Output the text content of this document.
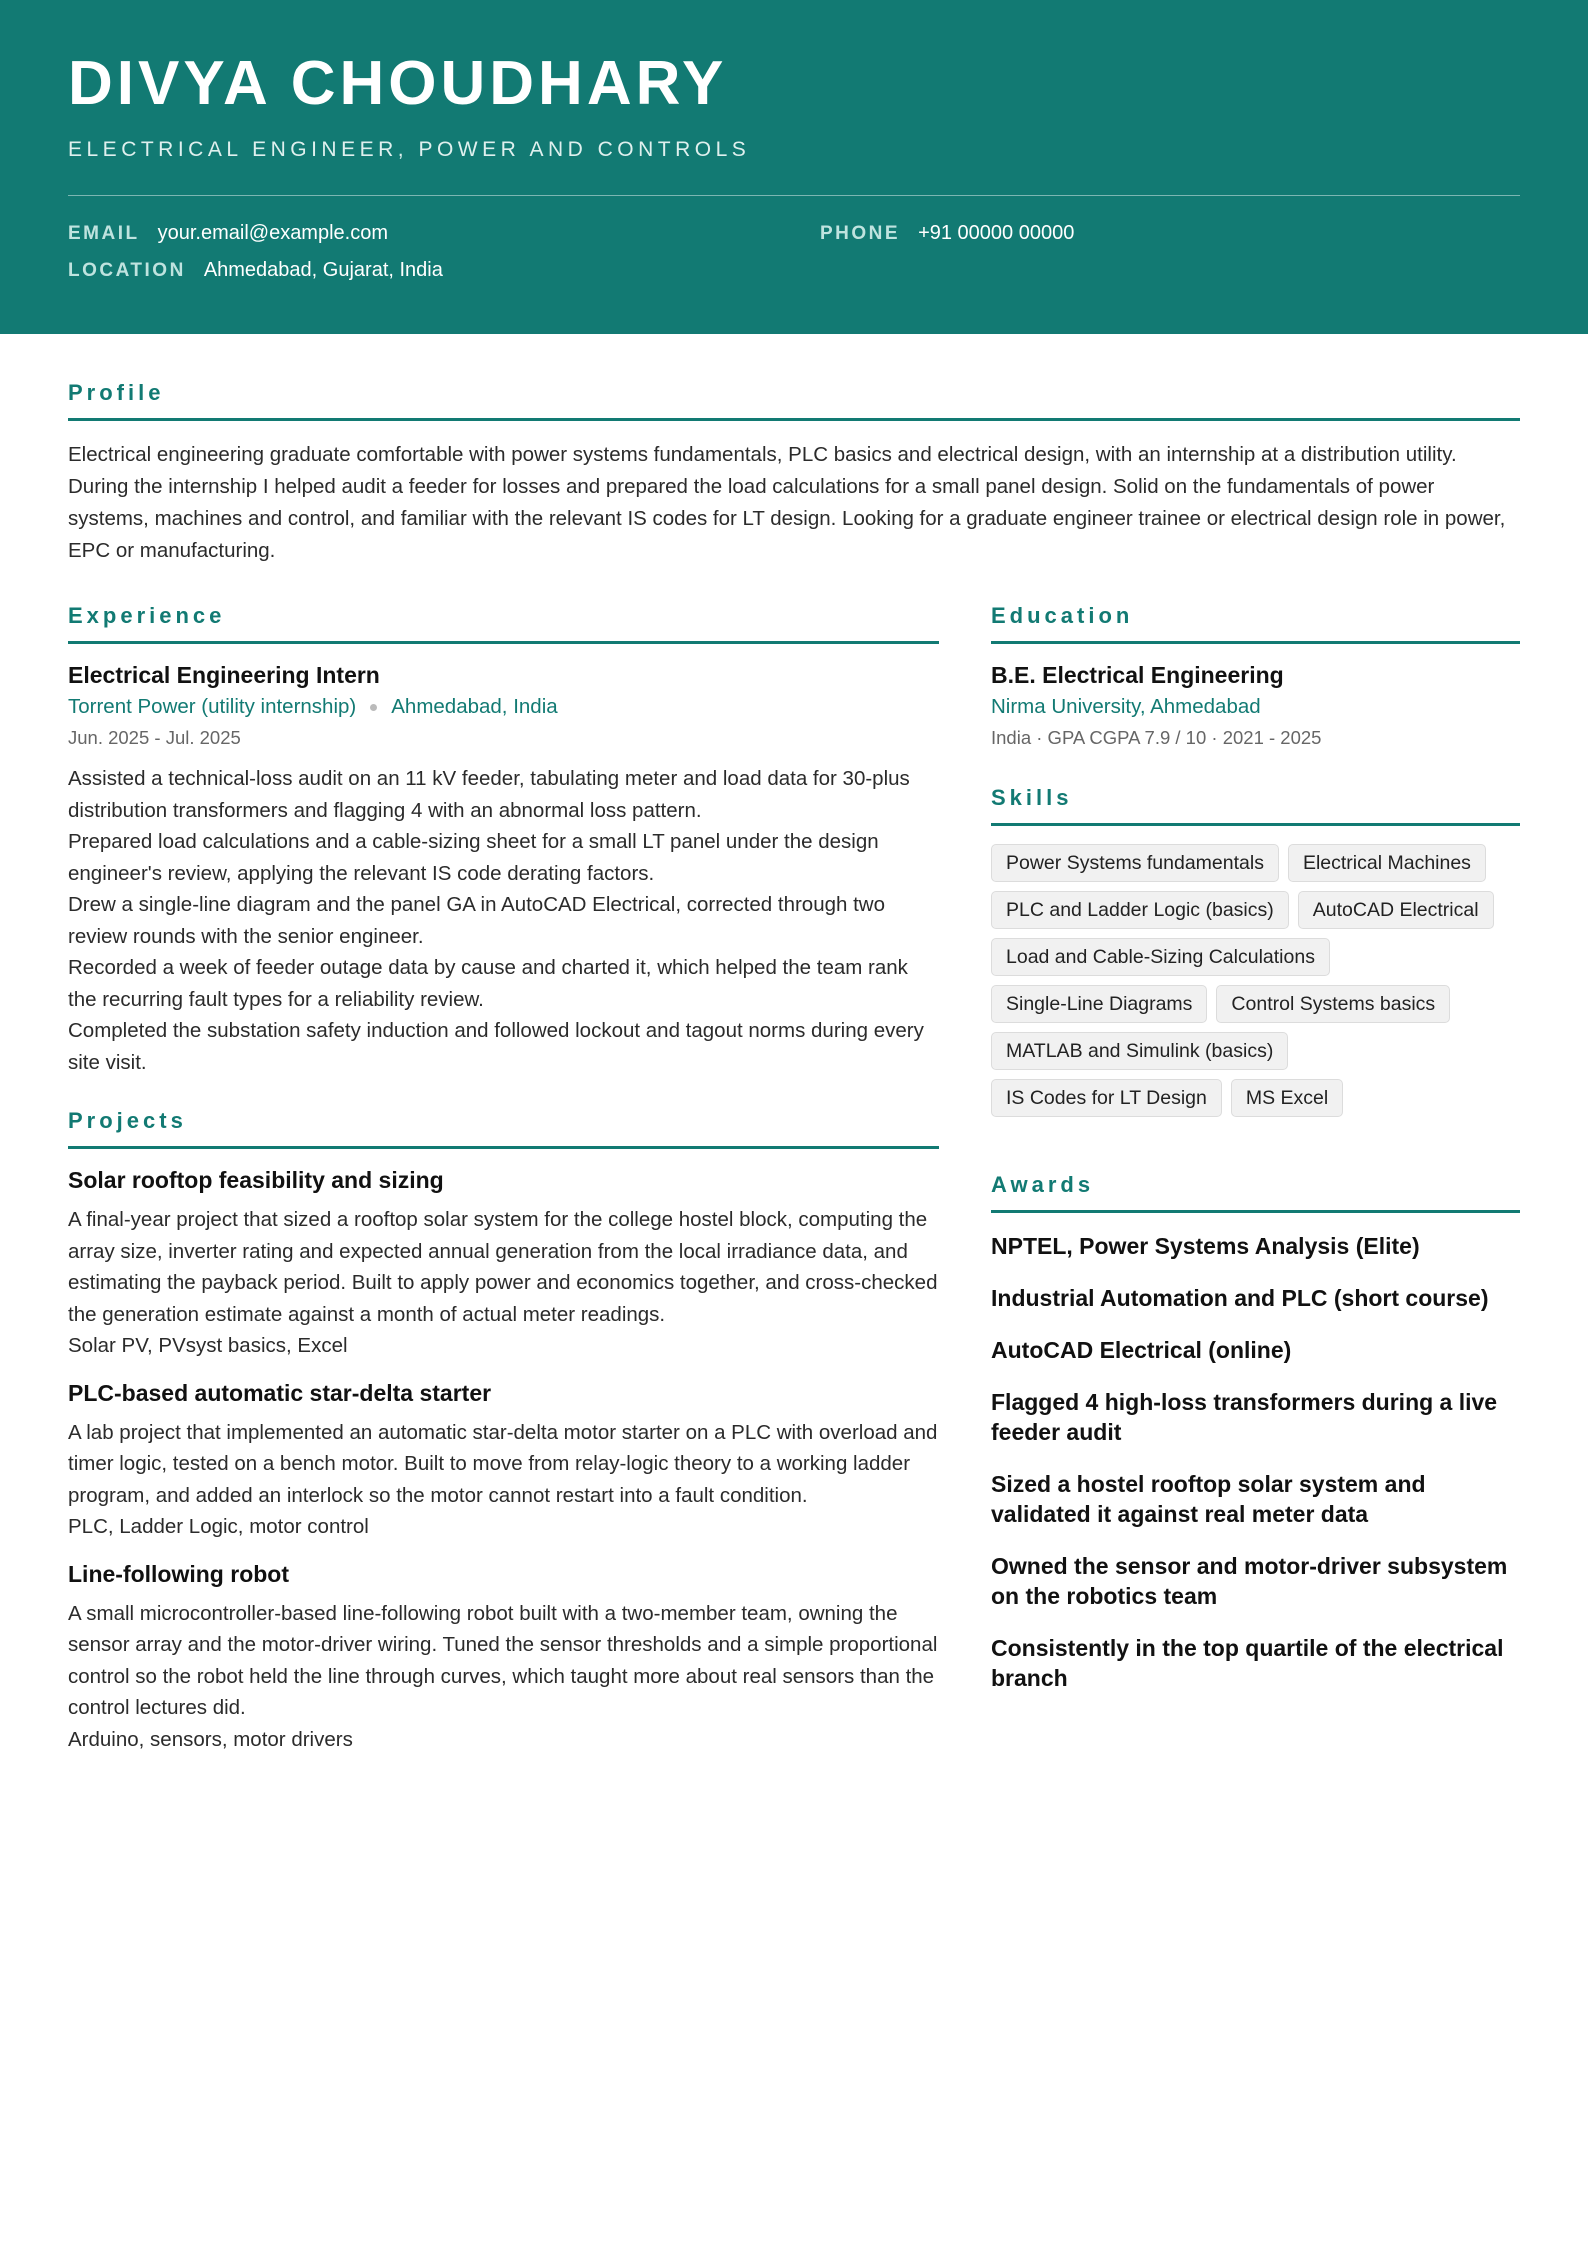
DIVYA CHOUDHARY
ELECTRICAL ENGINEER, POWER AND CONTROLS
EMAIL your.email@example.com	PHONE +91 00000 00000
LOCATION Ahmedabad, Gujarat, India
Profile

Electrical engineering graduate comfortable with power systems fundamentals, PLC basics and electrical design, with an internship at a distribution utility. During the internship I helped audit a feeder for losses and prepared the load calculations for a small panel design. Solid on the fundamentals of power systems, machines and control, and familiar with the relevant IS codes for LT design. Looking for a graduate engineer trainee or electrical design role in power, EPC or manufacturing.

Experience
Electrical Engineering Intern
Torrent Power (utility internship) Ahmedabad, India
Jun. 2025 - Jul. 2025
Assisted a technical-loss audit on an 11 kV feeder, tabulating meter and load data for 30-plus distribution transformers and flagging 4 with an abnormal loss pattern.
Prepared load calculations and a cable-sizing sheet for a small LT panel under the design engineer's review, applying the relevant IS code derating factors.
Drew a single-line diagram and the panel GA in AutoCAD Electrical, corrected through two review rounds with the senior engineer.
Recorded a week of feeder outage data by cause and charted it, which helped the team rank the recurring fault types for a reliability review.
Completed the substation safety induction and followed lockout and tagout norms during every site visit.
Projects
Solar rooftop feasibility and sizing
A final-year project that sized a rooftop solar system for the college hostel block, computing the array size, inverter rating and expected annual generation from the local irradiance data, and estimating the payback period. Built to apply power and economics together, and cross-checked the generation estimate against a month of actual meter readings.
Solar PV, PVsyst basics, Excel
PLC-based automatic star-delta starter
A lab project that implemented an automatic star-delta motor starter on a PLC with overload and timer logic, tested on a bench motor. Built to move from relay-logic theory to a working ladder program, and added an interlock so the motor cannot restart into a fault condition.
PLC, Ladder Logic, motor control
Line-following robot
A small microcontroller-based line-following robot built with a two-member team, owning the sensor array and the motor-driver wiring. Tuned the sensor thresholds and a simple proportional control so the robot held the line through curves, which taught more about real sensors than the control lectures did.
Arduino, sensors, motor drivers
Education
B.E. Electrical Engineering
Nirma University, Ahmedabad
India · GPA CGPA 7.9 / 10 · 2021 - 2025
Skills
Power Systems fundamentals	Electrical Machines
PLC and Ladder Logic (basics)	AutoCAD Electrical
Load and Cable-Sizing Calculations
Single-Line Diagrams	Control Systems basics
MATLAB and Simulink (basics)
IS Codes for LT Design	MS Excel
Awards
NPTEL, Power Systems Analysis (Elite)
Industrial Automation and PLC (short course)
AutoCAD Electrical (online)
Flagged 4 high-loss transformers during a live feeder audit
Sized a hostel rooftop solar system and validated it against real meter data
Owned the sensor and motor-driver subsystem on the robotics team
Consistently in the top quartile of the electrical branch
